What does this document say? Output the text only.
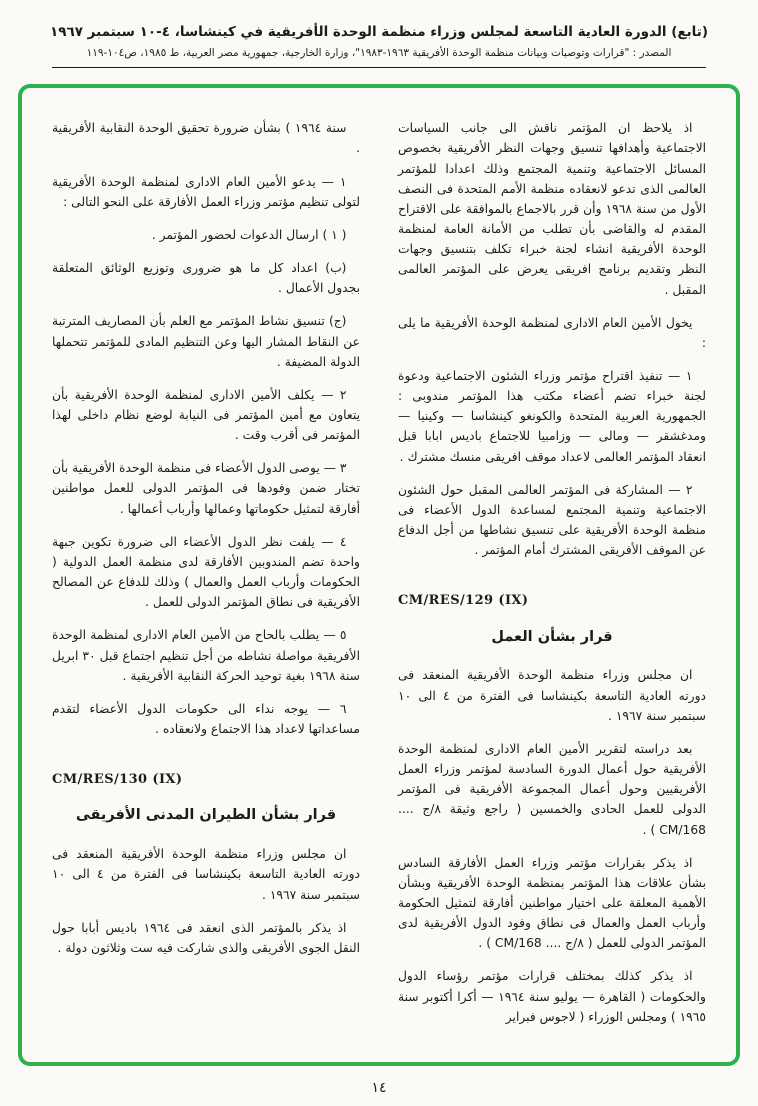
(تابع) الدورة العادية التاسعة لمجلس وزراء منظمة الوحدة الأفريقية في كينشاسا، ٤-١٠ سبتمبر ١٩٦٧
المصدر : "قرارات وتوصيات وبيانات منظمة الوحدة الأفريقية ١٩٦٣-١٩٨٣"، وزارة الخارجية، جمهورية مصر العربية، ط ١٩٨٥، ص١٠٤-١١٩
اذ يلاحظ ان المؤتمر ناقش الى جانب السياسات الاجتماعية وأهدافها تنسيق وجهات النظر الأفريقية بخصوص المسائل الاجتماعية وتنمية المجتمع وذلك اعدادا للمؤتمر العالمى الذى تدعو لانعقاده منظمة الأمم المتحدة فى النصف الأول من سنة ١٩٦٨ وأن قرر بالاجماع بالموافقة على الاقتراح المقدم له والقاضى بأن تطلب من الأمانة العامة لمنظمة الوحدة الأفريقية انشاء لجنة خبراء تكلف بتنسيق وجهات النظر وتقديم برنامج افريقى يعرض على المؤتمر العالمى المقبل .
يخول الأمين العام الادارى لمنظمة الوحدة الأفريقية ما يلى :
١ — تنفيذ اقتراح مؤتمر وزراء الشئون الاجتماعية ودعوة لجنة خبراء تضم أعضاء مكتب هذا المؤتمر مندوبى : الجمهورية العربية المتحدة والكونغو كينشاسا — وكينيا — ومدغشقر — ومالى — وزامبيا للاجتماع باديس ابابا قبل انعقاد المؤتمر العالمى لاعداد موقف افريقى منسك مشترك .
٢ — المشاركة فى المؤتمر العالمى المقبل حول الشئون الاجتماعية وتنمية المجتمع لمساعدة الدول الأعضاء فى منظمة الوحدة الأفريقية على تنسيق نشاطها من أجل الدفاع عن الموقف الأفريقى المشترك أمام المؤتمر .
CM/RES/129 (IX)
قرار بشأن العمل
ان مجلس وزراء منظمة الوحدة الأفريقية المنعقد فى دورته العادية التاسعة بكينشاسا فى الفترة من ٤ الى ١٠ سبتمبر سنة ١٩٦٧ .
بعد دراسته لتقرير الأمين العام الادارى لمنظمة الوحدة الأفريقية حول أعمال الدورة السادسة لمؤتمر وزراء العمل الأفريقيين وحول أعمال المجموعة الأفريقية فى المؤتمر الدولى للعمل الحادى والخمسين ( راجع وثيقة ٨/ج .... CM/168 ) .
اذ يذكر بقرارات مؤتمر وزراء العمل الأفارقة السادس بشأن علاقات هذا المؤتمر بمنظمة الوحدة الأفريقية وبشأن الأهمية المعلقة على اختيار مواطنين أفارقة لتمثيل الحكومة وأرباب العمل والعمال فى نطاق وفود الدول الأفريقية لدى المؤتمر الدولى للعمل ( ٨/ج .... CM/168 ) .
اذ يذكر كذلك بمختلف قرارات مؤتمر رؤساء الدول والحكومات ( القاهرة — يوليو سنة ١٩٦٤ — أكرا أكتوبر سنة ١٩٦٥ ) ومجلس الوزراء ( لاجوس فبراير
سنة ١٩٦٤ ) بشأن ضرورة تحقيق الوحدة النقابية الأفريقية .
١ — يدعو الأمين العام الادارى لمنظمة الوحدة الأفريقية لتولى تنظيم مؤتمر وزراء العمل الأفارقة على النحو التالى :
( ١ ) ارسال الدعوات لحضور المؤتمر .
(ب) اعداد كل ما هو ضرورى وتوزيع الوثائق المتعلقة بجدول الأعمال .
(ج) تنسيق نشاط المؤتمر مع العلم بأن المصاريف المترتبة عن النقاط المشار اليها وعن التنظيم المادى للمؤتمر تتحملها الدولة المضيفة .
٢ — يكلف الأمين الادارى لمنظمة الوحدة الأفريقية بأن يتعاون مع أمين المؤتمر فى النيابة لوضع نظام داخلى لهذا المؤتمر فى أقرب وقت .
٣ — يوصى الدول الأعضاء فى منظمة الوحدة الأفريقية بأن تختار ضمن وفودها فى المؤتمر الدولى للعمل مواطنين أفارقة لتمثيل حكوماتها وعمالها وأرباب أعمالها .
٤ — يلفت نظر الدول الأعضاء الى ضرورة تكوين جبهة واحدة تضم المندوبين الأفارقة لدى منظمة العمل الدولية ( الحكومات وأرباب العمل والعمال ) وذلك للدفاع عن المصالح الأفريقية فى نطاق المؤتمر الدولى للعمل .
٥ — يطلب بالحاح من الأمين العام الادارى لمنظمة الوحدة الأفريقية مواصلة نشاطه من أجل تنظيم اجتماع قبل ٣٠ ابريل سنة ١٩٦٨ بغية توحيد الحركة النقابية الأفريقية .
٦ — يوجه نداء الى حكومات الدول الأعضاء لتقدم مساعداتها لاعداد هذا الاجتماع ولانعقاده .
CM/RES/130 (IX)
قرار بشأن الطيران المدنى الأفريقى
ان مجلس وزراء منظمة الوحدة الأفريقية المنعقد فى دورته العادية التاسعة بكينشاسا فى الفترة من ٤ الى ١٠ سبتمبر سنة ١٩٦٧ .
اذ يذكر بالمؤتمر الذى انعقد فى ١٩٦٤ باديس أبابا حول النقل الجوى الأفريقى والذى شاركت فيه ست وثلاثون دولة .
١٤
